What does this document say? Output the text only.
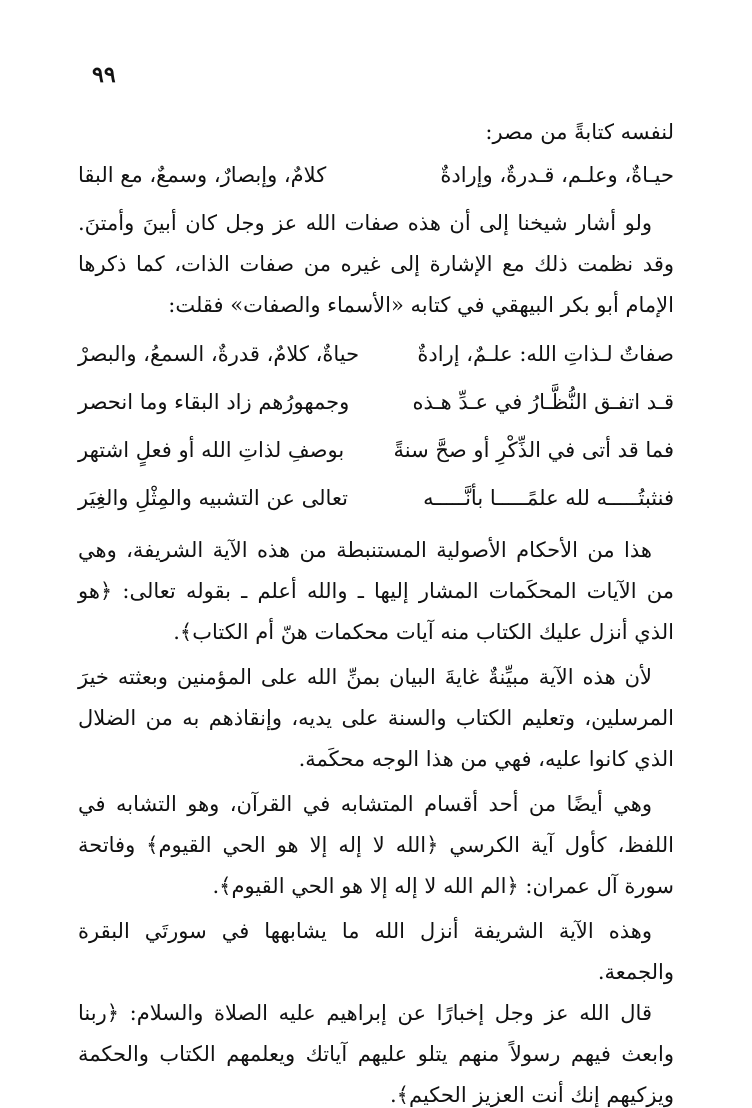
٩٩

لنفسه كتابةً من مصر:

حيـاةٌ، وعلـم، قـدرةٌ، وإرادةٌ
كلامٌ، وإبصارٌ، وسمعٌ، مع البقا

ولو أشار شيخنا إلى أن هذه صفات الله عز وجل كان أبينَ وأمتنَ. وقد نظمت ذلك مع الإشارة إلى غيره من صفات الذات، كما ذكرها الإمام أبو بكر البيهقي في كتابه «الأسماء والصفات» فقلت:

صفاتٌ لـذاتِ الله: علـمٌ، إرادةٌ
حياةٌ، كلامٌ، قدرةٌ، السمعُ، والبصرْ
قـد اتفـق النُّظَّـارُ في عـدِّ هـذه
وجمهورُهم زاد البقاء وما انحصر
فما قد أتى في الذِّكْرِ أو صحَّ سنةً
بوصفِ لذاتِ الله أو فعلٍ اشتهر
فنثبتُـــــه لله علمًـــــا بأنَّـــــه
تعالى عن التشبيه والمِثْلِ والغِيَر

هذا من الأحكام الأصولية المستنبطة من هذه الآية الشريفة، وهي من الآيات المحكَمات المشار إليها ـ والله أعلم ـ بقوله تعالى: ﴿هو الذي أنزل عليك الكتاب منه آيات محكمات هنّ أم الكتاب﴾.

لأن هذه الآية مبيِّنةٌ غايةَ البيان بمنِّ الله على المؤمنين وبعثته خيرَ المرسلين، وتعليم الكتاب والسنة على يديه، وإنقاذهم به من الضلال الذي كانوا عليه، فهي من هذا الوجه محكَمة.

وهي أيضًا من أحد أقسام المتشابه في القرآن، وهو التشابه في اللفظ، كأول آية الكرسي ﴿الله لا إله إلا هو الحي القيوم﴾ وفاتحة سورة آل عمران: ﴿الم الله لا إله إلا هو الحي القيوم﴾.

وهذه الآية الشريفة أنزل الله ما يشابهها في سورتَي البقرة والجمعة.

قال الله عز وجل إخبارًا عن إبراهيم عليه الصلاة والسلام: ﴿ربنا وابعث فيهم رسولاً منهم يتلو عليهم آياتك ويعلمهم الكتاب والحكمة ويزكيهم إنك أنت العزيز الحكيم﴾.
